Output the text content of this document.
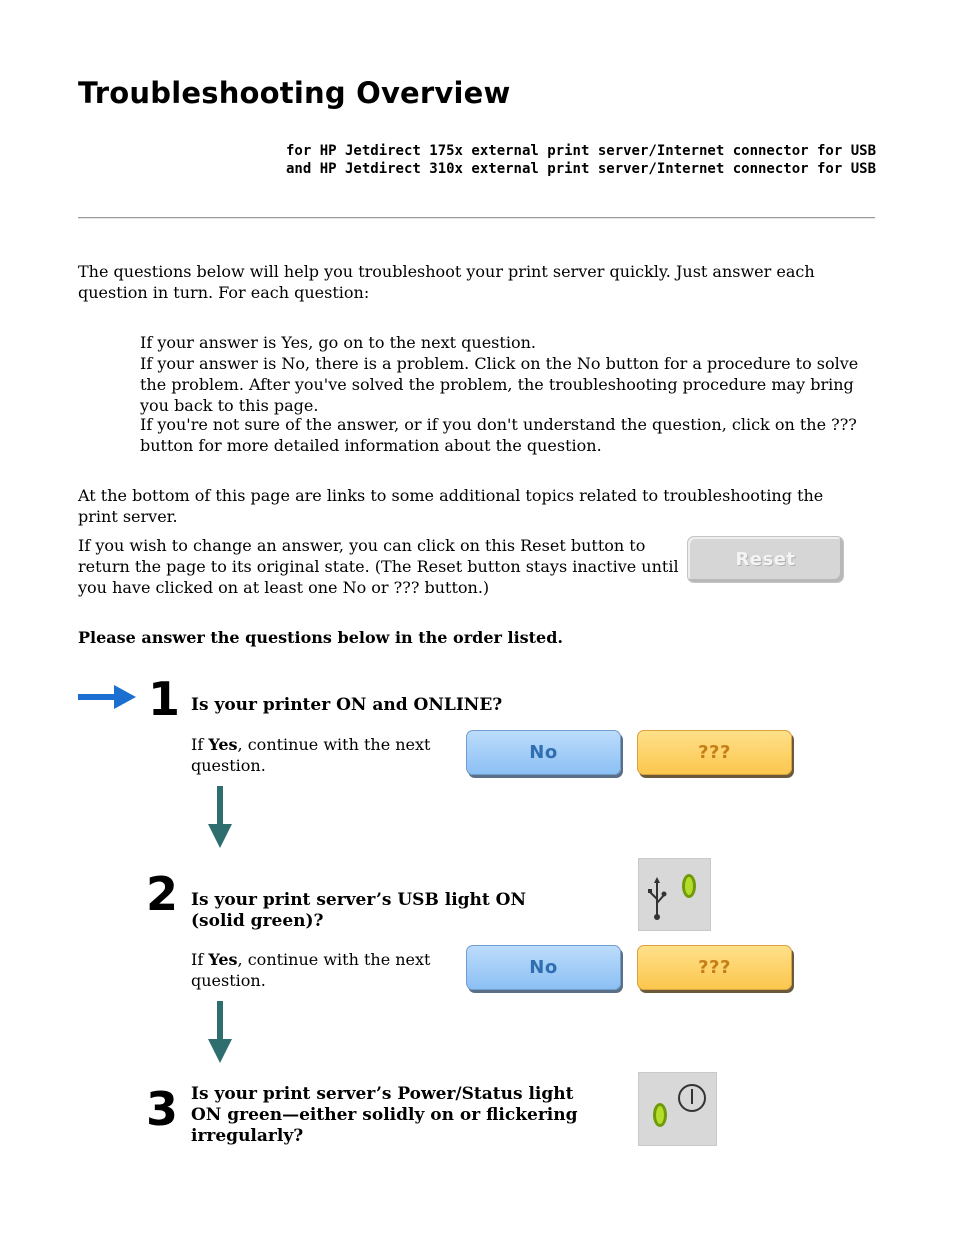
Troubleshooting Overview
for HP Jetdirect 175x external print server/Internet connector for USB
and HP Jetdirect 310x external print server/Internet connector for USB
The questions below will help you troubleshoot your print server quickly. Just answer each question in turn. For each question:
If your answer is Yes, go on to the next question.
If your answer is No, there is a problem. Click on the No button for a procedure to solve the problem. After you've solved the problem, the troubleshooting procedure may bring you back to this page.
If you're not sure of the answer, or if you don't understand the question, click on the ??? button for more detailed information about the question.
At the bottom of this page are links to some additional topics related to troubleshooting the print server.
If you wish to change an answer, you can click on this Reset button to return the page to its original state. (The Reset button stays inactive until you have clicked on at least one No or ??? button.)
Reset
Please answer the questions below in the order listed.
1 Is your printer ON and ONLINE?
If Yes, continue with the next question.
No	???
2 Is your print server’s USB light ON (solid green)?
If Yes, continue with the next question.
No	???
3 Is your print server’s Power/Status light ON green—either solidly on or flickering irregularly?
